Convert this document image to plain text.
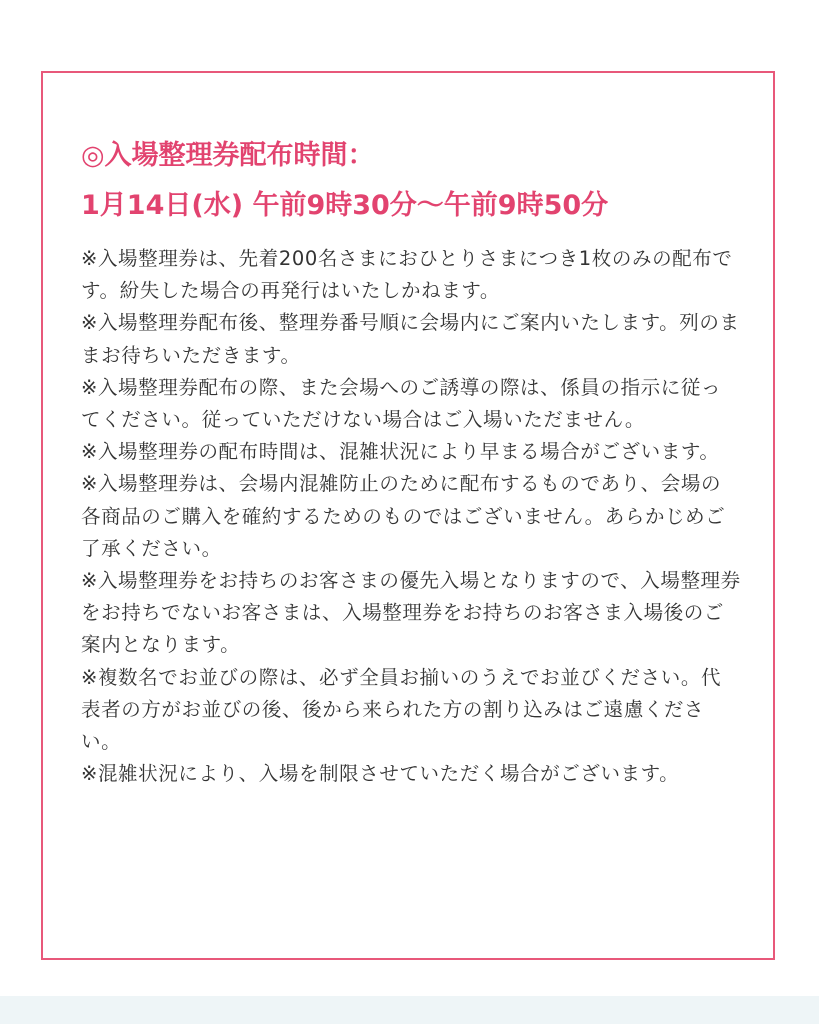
◎入場整理券配布時間：
1月14日(水) 午前9時30分～午前9時50分

※入場整理券は、先着200名さまにおひとりさまにつき1枚のみの配布です。紛失した場合の再発行はいたしかねます。

※入場整理券配布後、整理券番号順に会場内にご案内いたします。列のままお待ちいただきます。

※入場整理券配布の際、また会場へのご誘導の際は、係員の指示に従ってください。従っていただけない場合はご入場いただません。

※入場整理券の配布時間は、混雑状況により早まる場合がございます。

※入場整理券は、会場内混雑防止のために配布するものであり、会場の各商品のご購入を確約するためのものではございません。あらかじめご了承ください。

※入場整理券をお持ちのお客さまの優先入場となりますので、入場整理券をお持ちでないお客さまは、入場整理券をお持ちのお客さま入場後のご案内となります。

※複数名でお並びの際は、必ず全員お揃いのうえでお並びください。代表者の方がお並びの後、後から来られた方の割り込みはご遠慮ください。

※混雑状況により、入場を制限させていただく場合がございます。
